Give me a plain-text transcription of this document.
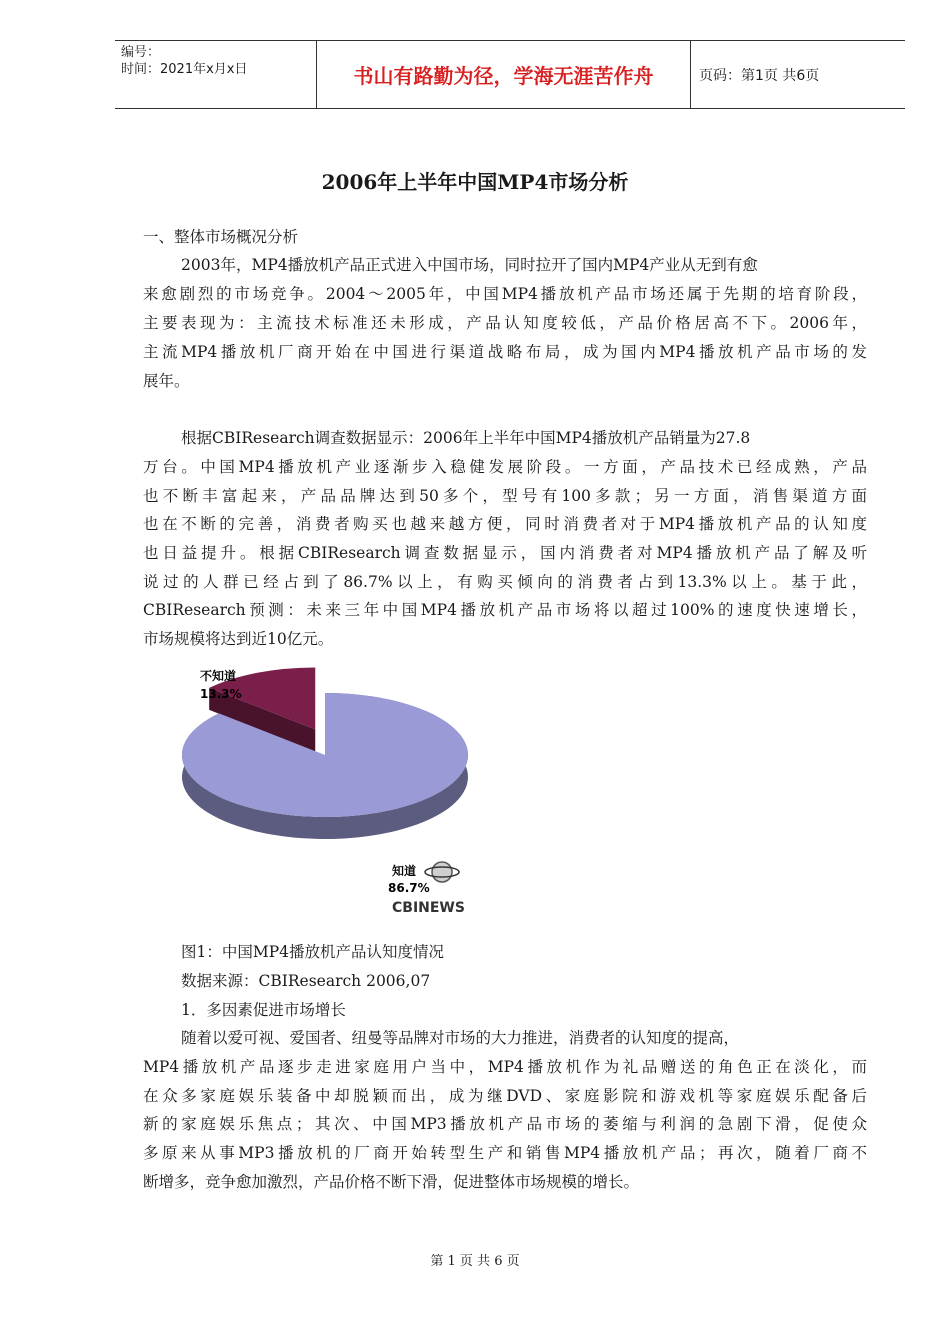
编号：
时间：2021年x月x日	书山有路勤为径，学海无涯苦作舟	页码：第1页 共6页
2006年上半年中国MP4市场分析
一、整体市场概况分析
2003年，MP4播放机产品正式进入中国市场，同时拉开了国内MP4产业从无到有愈
来愈剧烈的市场竞争。2004～2005年，中国MP4播放机产品市场还属于先期的培育阶段，
主要表现为：主流技术标准还未形成，产品认知度较低，产品价格居高不下。2006年，
主流MP4播放机厂商开始在中国进行渠道战略布局，成为国内MP4播放机产品市场的发
展年。
根据CBIResearch调查数据显示：2006年上半年中国MP4播放机产品销量为27.8
万台。中国MP4播放机产业逐渐步入稳健发展阶段。一方面，产品技术已经成熟，产品
也不断丰富起来，产品品牌达到50多个，型号有100多款；另一方面，消售渠道方面
也在不断的完善，消费者购买也越来越方便，同时消费者对于MP4播放机产品的认知度
也日益提升。根据CBIResearch调查数据显示，国内消费者对MP4播放机产品了解及听
说过的人群已经占到了86.7%以上，有购买倾向的消费者占到13.3%以上。基于此，
CBIResearch预测：未来三年中国MP4播放机产品市场将以超过100%的速度快速增长，
市场规模将达到近10亿元。
不知道
13.3%
知道
86.7%
CBINEWS
图1：中国MP4播放机产品认知度情况
数据来源：CBIResearch 2006,07
1．多因素促进市场增长
随着以爱可视、爱国者、纽曼等品牌对市场的大力推进，消费者的认知度的提高，
MP4播放机产品逐步走进家庭用户当中，MP4播放机作为礼品赠送的角色正在淡化，而
在众多家庭娱乐装备中却脱颖而出，成为继DVD、家庭影院和游戏机等家庭娱乐配备后
新的家庭娱乐焦点；其次、中国MP3播放机产品市场的萎缩与利润的急剧下滑，促使众
多原来从事MP3播放机的厂商开始转型生产和销售MP4播放机产品；再次，随着厂商不
断增多，竞争愈加激烈，产品价格不断下滑，促进整体市场规模的增长。
第 1 页 共 6 页
